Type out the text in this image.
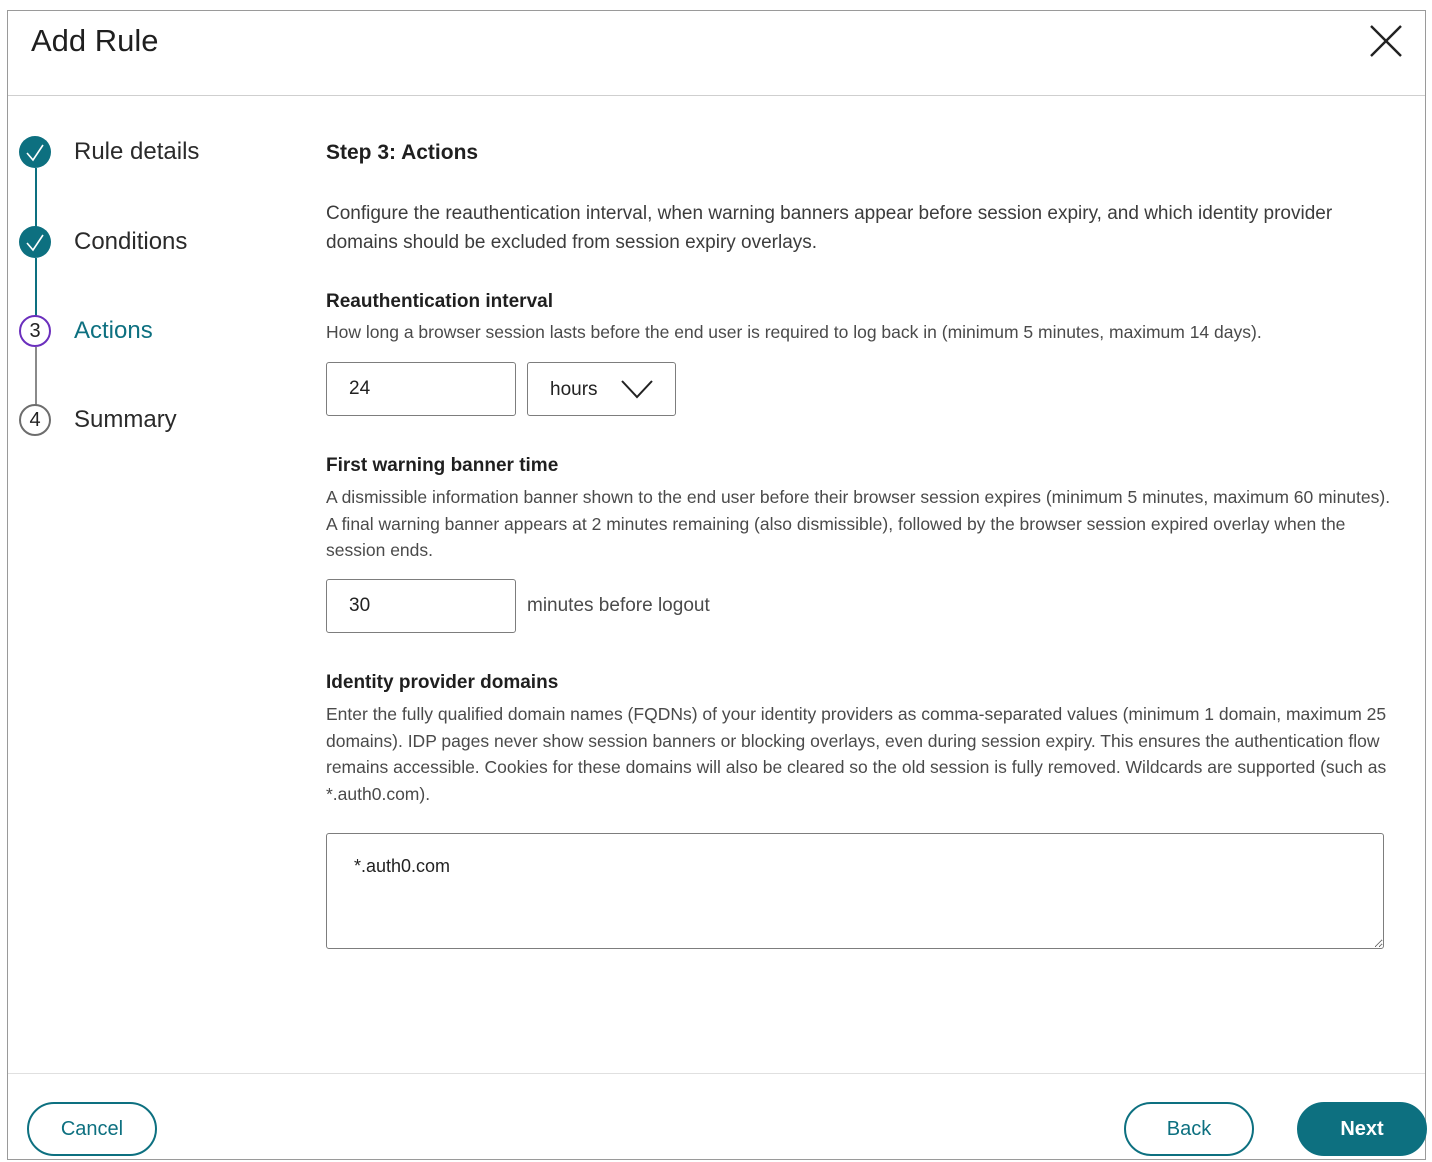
Add Rule
Rule details
Conditions
3	Actions
4	Summary
Step 3: Actions

Configure the reauthentication interval, when warning banners appear before session expiry, and which identity provider domains should be excluded from session expiry overlays.

Reauthentication interval

How long a browser session lasts before the end user is required to log back in (minimum 5 minutes, maximum 14 days).

24
hours
First warning banner time

A dismissible information banner shown to the end user before their browser session expires (minimum 5 minutes, maximum 60 minutes). A final warning banner appears at 2 minutes remaining (also dismissible), followed by the browser session expired overlay when the session ends.

30
minutes before logout
Identity provider domains

Enter the fully qualified domain names (FQDNs) of your identity providers as comma-separated values (minimum 1 domain, maximum 25 domains). IDP pages never show session banners or blocking overlays, even during session expiry. This ensures the authentication flow remains accessible. Cookies for these domains will also be cleared so the old session is fully removed. Wildcards are supported (such as *.auth0.com).

*.auth0.com
Cancel	Back	Next
